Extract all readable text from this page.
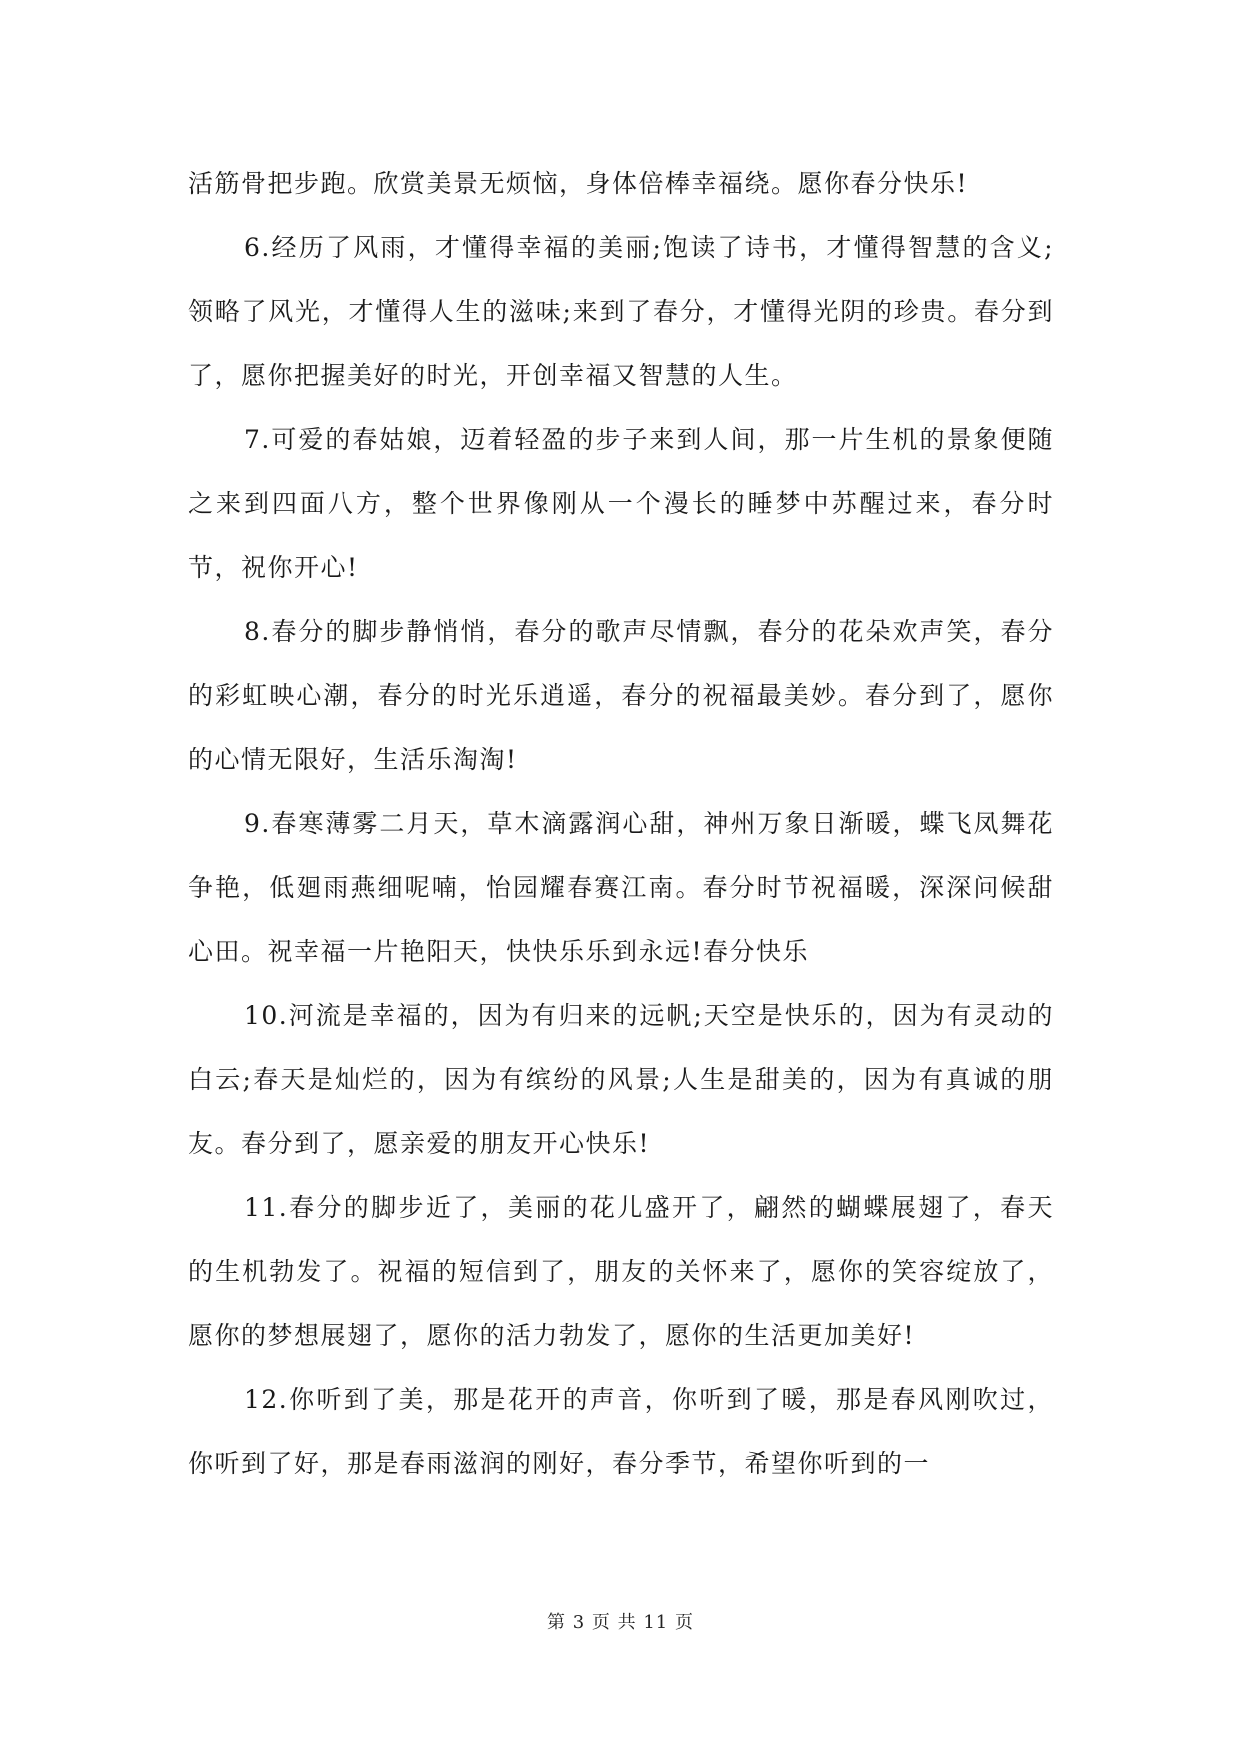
活筋骨把步跑。欣赏美景无烦恼，身体倍棒幸福绕。愿你春分快乐!

6.经历了风雨，才懂得幸福的美丽;饱读了诗书，才懂得智慧的含义;领略了风光，才懂得人生的滋味;来到了春分，才懂得光阴的珍贵。春分到了，愿你把握美好的时光，开创幸福又智慧的人生。

7.可爱的春姑娘，迈着轻盈的步子来到人间，那一片生机的景象便随之来到四面八方，整个世界像刚从一个漫长的睡梦中苏醒过来，春分时节，祝你开心!

8.春分的脚步静悄悄，春分的歌声尽情飘，春分的花朵欢声笑，春分的彩虹映心潮，春分的时光乐逍遥，春分的祝福最美妙。春分到了，愿你的心情无限好，生活乐淘淘!

9.春寒薄雾二月天，草木滴露润心甜，神州万象日渐暖，蝶飞凤舞花争艳，低廻雨燕细呢喃，怡园耀春赛江南。春分时节祝福暖，深深问候甜心田。祝幸福一片艳阳天，快快乐乐到永远!春分快乐

10.河流是幸福的，因为有归来的远帆;天空是快乐的，因为有灵动的白云;春天是灿烂的，因为有缤纷的风景;人生是甜美的，因为有真诚的朋友。春分到了，愿亲爱的朋友开心快乐!

11.春分的脚步近了，美丽的花儿盛开了，翩然的蝴蝶展翅了，春天的生机勃发了。祝福的短信到了，朋友的关怀来了，愿你的笑容绽放了，愿你的梦想展翅了，愿你的活力勃发了，愿你的生活更加美好!

12.你听到了美，那是花开的声音，你听到了暖，那是春风刚吹过，你听到了好，那是春雨滋润的刚好，春分季节，希望你听到的一

第 3 页 共 11 页
